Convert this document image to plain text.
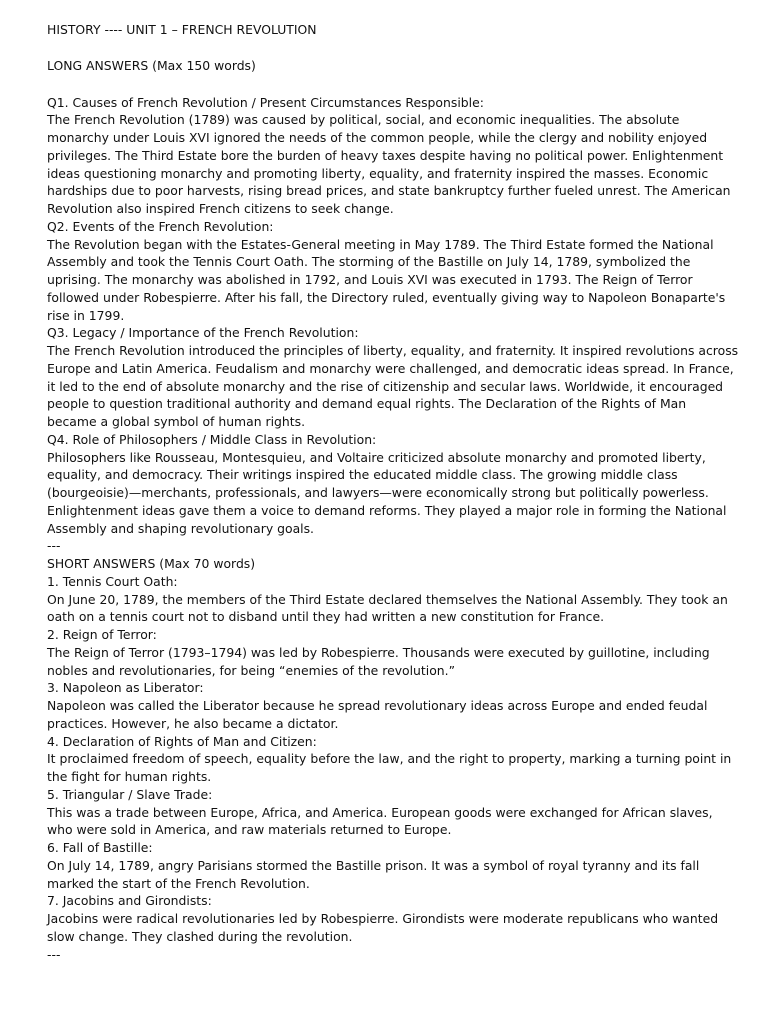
HISTORY ---- UNIT 1 – FRENCH REVOLUTION

LONG ANSWERS (Max 150 words)

Q1. Causes of French Revolution / Present Circumstances Responsible:

The French Revolution (1789) was caused by political, social, and economic inequalities. The absolute monarchy under Louis XVI ignored the needs of the common people, while the clergy and nobility enjoyed privileges. The Third Estate bore the burden of heavy taxes despite having no political power. Enlightenment ideas questioning monarchy and promoting liberty, equality, and fraternity inspired the masses. Economic hardships due to poor harvests, rising bread prices, and state bankruptcy further fueled unrest. The American Revolution also inspired French citizens to seek change.

Q2. Events of the French Revolution:

The Revolution began with the Estates-General meeting in May 1789. The Third Estate formed the National Assembly and took the Tennis Court Oath. The storming of the Bastille on July 14, 1789, symbolized the uprising. The monarchy was abolished in 1792, and Louis XVI was executed in 1793. The Reign of Terror followed under Robespierre. After his fall, the Directory ruled, eventually giving way to Napoleon Bonaparte's rise in 1799.

Q3. Legacy / Importance of the French Revolution:

The French Revolution introduced the principles of liberty, equality, and fraternity. It inspired revolutions across Europe and Latin America. Feudalism and monarchy were challenged, and democratic ideas spread. In France, it led to the end of absolute monarchy and the rise of citizenship and secular laws. Worldwide, it encouraged people to question traditional authority and demand equal rights. The Declaration of the Rights of Man became a global symbol of human rights.

Q4. Role of Philosophers / Middle Class in Revolution:

Philosophers like Rousseau, Montesquieu, and Voltaire criticized absolute monarchy and promoted liberty, equality, and democracy. Their writings inspired the educated middle class. The growing middle class (bourgeoisie)—merchants, professionals, and lawyers—were economically strong but politically powerless. Enlightenment ideas gave them a voice to demand reforms. They played a major role in forming the National Assembly and shaping revolutionary goals.

---

SHORT ANSWERS (Max 70 words)

1. Tennis Court Oath:

On June 20, 1789, the members of the Third Estate declared themselves the National Assembly. They took an oath on a tennis court not to disband until they had written a new constitution for France.

2. Reign of Terror:

The Reign of Terror (1793–1794) was led by Robespierre. Thousands were executed by guillotine, including nobles and revolutionaries, for being “enemies of the revolution.”

3. Napoleon as Liberator:

Napoleon was called the Liberator because he spread revolutionary ideas across Europe and ended feudal practices. However, he also became a dictator.

4. Declaration of Rights of Man and Citizen:

It proclaimed freedom of speech, equality before the law, and the right to property, marking a turning point in the fight for human rights.

5. Triangular / Slave Trade:

This was a trade between Europe, Africa, and America. European goods were exchanged for African slaves, who were sold in America, and raw materials returned to Europe.

6. Fall of Bastille:

On July 14, 1789, angry Parisians stormed the Bastille prison. It was a symbol of royal tyranny and its fall marked the start of the French Revolution.

7. Jacobins and Girondists:

Jacobins were radical revolutionaries led by Robespierre. Girondists were moderate republicans who wanted slow change. They clashed during the revolution.

---
